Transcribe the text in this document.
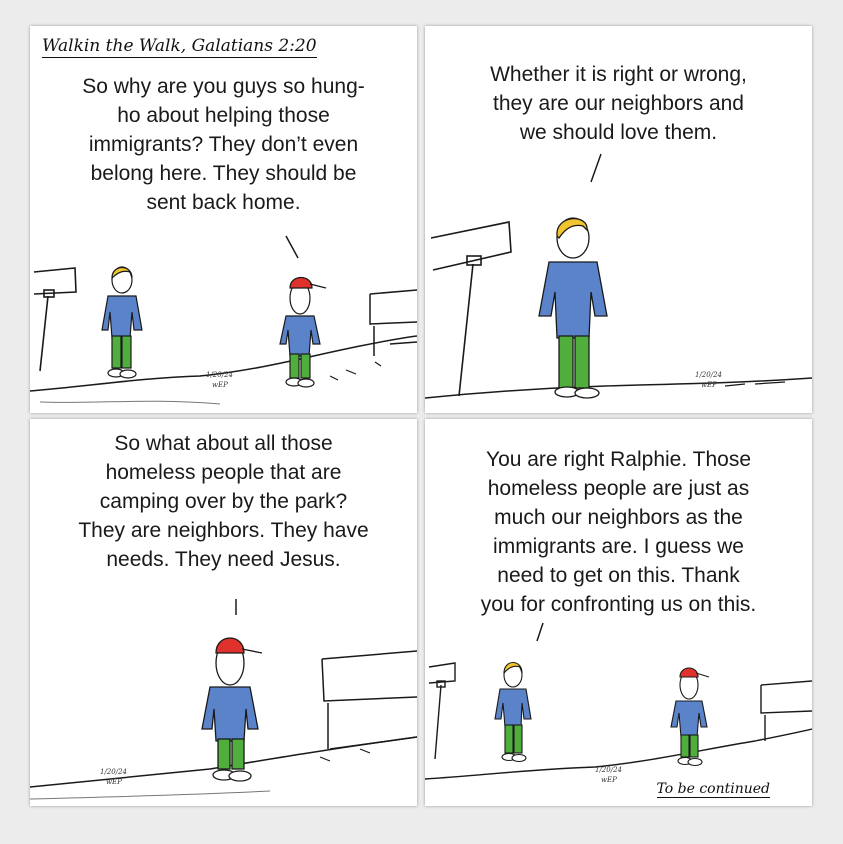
Walkin the Walk, Galatians 2:20
So why are you guys so hung-
ho about helping those
immigrants? They don’t even
belong here. They should be
sent back home.
1/20/24
wEP
Whether it is right or wrong,
they are our neighbors and
we should love them.
1/20/24
wEP
So what about all those
homeless people that are
camping over by the park?
They are neighbors. They have
needs. They need Jesus.
1/20/24
wEP
You are right Ralphie. Those
homeless people are just as
much our neighbors as the
immigrants are. I guess we
need to get on this. Thank
you for confronting us on this.
1/20/24
wEP
To be continued
